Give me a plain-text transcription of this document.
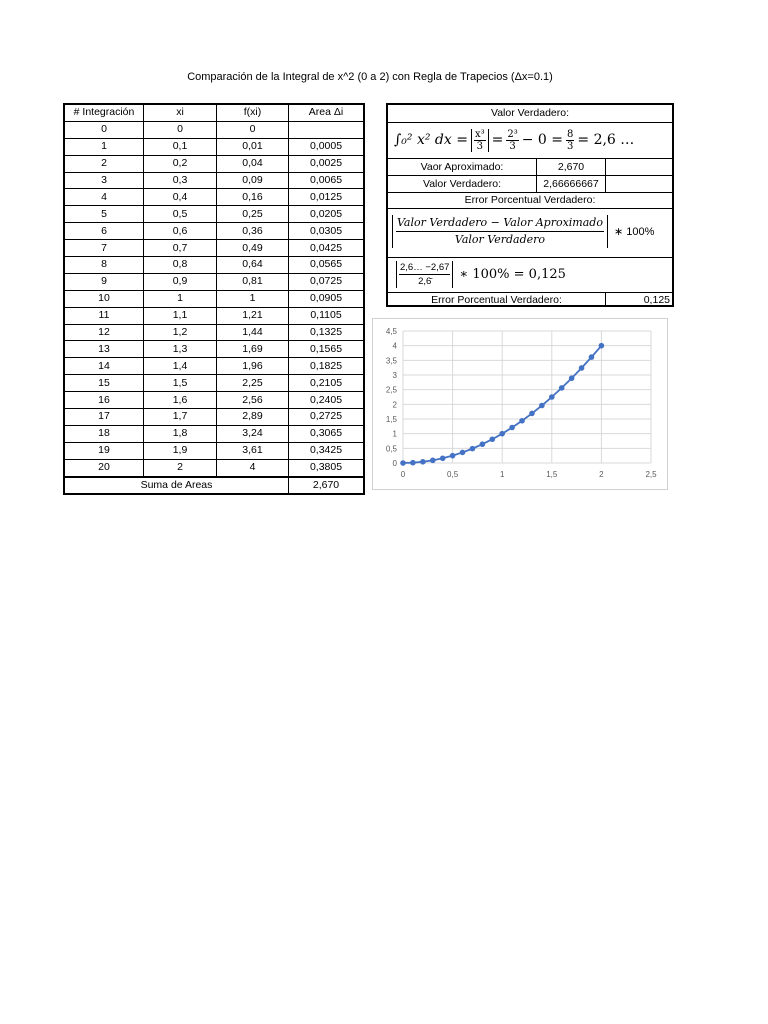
Comparación de la Integral de x^2 (0 a 2) con Regla de Trapecios (Δx=0.1)
# Integración	xi	f(xi)	Area Δi
0	0	0	
1	0,1	0,01	0,0005
2	0,2	0,04	0,0025
3	0,3	0,09	0,0065
4	0,4	0,16	0,0125
5	0,5	0,25	0,0205
6	0,6	0,36	0,0305
7	0,7	0,49	0,0425
8	0,8	0,64	0,0565
9	0,9	0,81	0,0725
10	1	1	0,0905
11	1,1	1,21	0,1105
12	1,2	1,44	0,1325
13	1,3	1,69	0,1565
14	1,4	1,96	0,1825
15	1,5	2,25	0,2105
16	1,6	2,56	0,2405
17	1,7	2,89	0,2725
18	1,8	3,24	0,3065
19	1,9	3,61	0,3425
20	2	4	0,3805
Suma de Areas			2,670
Valor Verdadero:
∫₀² x² dx = $\frac{\text{x³}}{3} = \frac{\text{2³}}{3} - 0 = \frac{8}{3} = 2,6$ …
Vaor Aproximado:	2,670
Valor Verdadero:	2,66666667
Error Porcentual Verdadero:
$\frac{\text{Valor Verdadero − Valor Aproximado}}{\text{Valor Verdadero}}$ ∗ 100%
$\frac{2,6\dots -2,67}{2,6̄}$ ∗ 100% = 0,125
Error Porcentual Verdadero:	0,125
0
0,5
1
1,5
2
2,5
3
3,5
4
4,5
0	0,5	1	1,5	2	2,5
